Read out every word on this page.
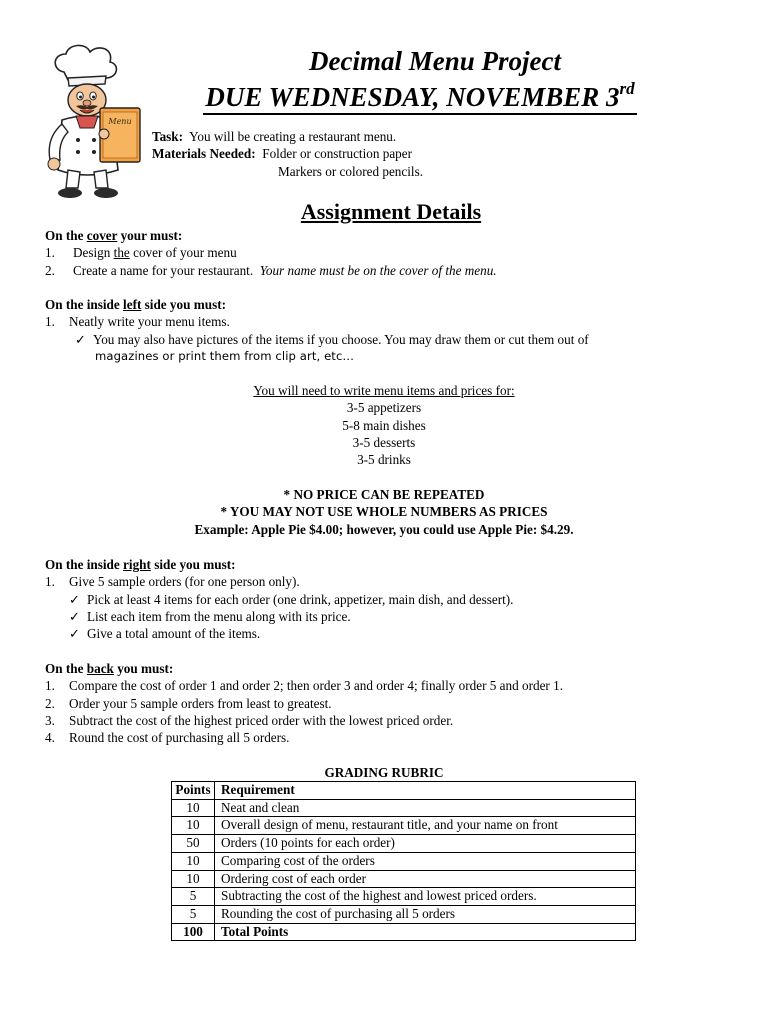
Menu
Decimal Menu Project
DUE WEDNESDAY, NOVEMBER 3rd
Task: You will be creating a restaurant menu.
Materials Needed: Folder or construction paper
Markers or colored pencils.
Assignment Details
On the cover your must:
1. Design the cover of your menu
2. Create a name for your restaurant. Your name must be on the cover of the menu.
On the inside left side you must:
1. Neatly write your menu items.
✓ You may also have pictures of the items if you choose. You may draw them or cut them out of
magazines or print them from clip art, etc…
You will need to write menu items and prices for:
3-5 appetizers
5-8 main dishes
3-5 desserts
3-5 drinks
* NO PRICE CAN BE REPEATED
* YOU MAY NOT USE WHOLE NUMBERS AS PRICES
Example: Apple Pie $4.00; however, you could use Apple Pie: $4.29.
On the inside right side you must:
1. Give 5 sample orders (for one person only).
✓ Pick at least 4 items for each order (one drink, appetizer, main dish, and dessert).
✓ List each item from the menu along with its price.
✓ Give a total amount of the items.
On the back you must:
1. Compare the cost of order 1 and order 2; then order 3 and order 4; finally order 5 and order 1.
2. Order your 5 sample orders from least to greatest.
3. Subtract the cost of the highest priced order with the lowest priced order.
4. Round the cost of purchasing all 5 orders.
GRADING RUBRIC
Points	Requirement
10	Neat and clean
10	Overall design of menu, restaurant title, and your name on front
50	Orders (10 points for each order)
10	Comparing cost of the orders
10	Ordering cost of each order
5	Subtracting the cost of the highest and lowest priced orders.
5	Rounding the cost of purchasing all 5 orders
100	Total Points
